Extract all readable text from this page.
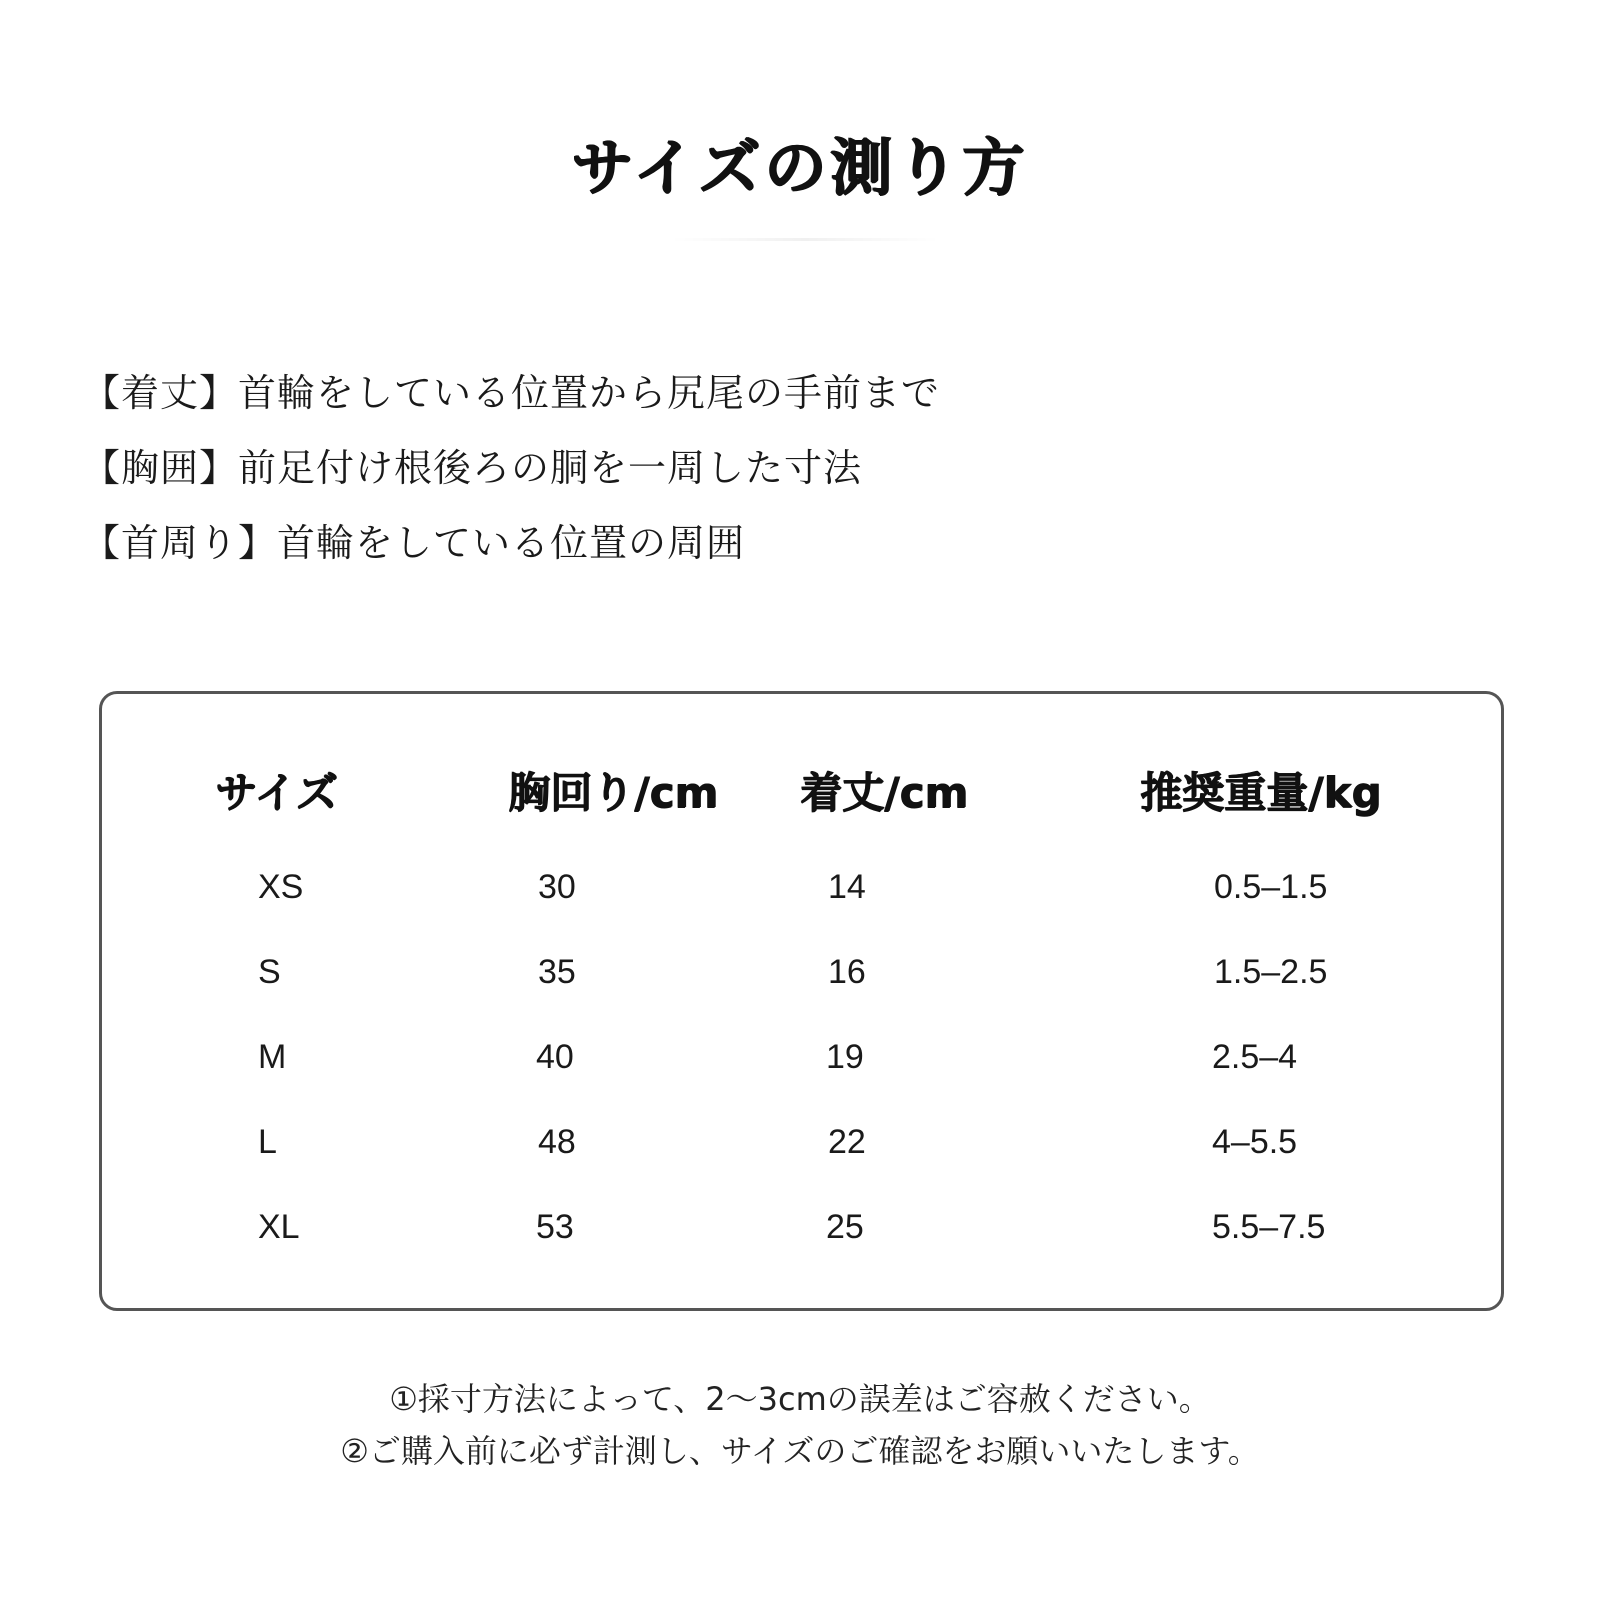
サイズの測り方
【着丈】首輪をしている位置から尻尾の手前まで
【胸囲】前足付け根後ろの胴を一周した寸法
【首周り】首輪をしている位置の周囲
サイズ	胸回り/cm 着丈/cm	推奨重量/kg
XS	30	14	0.5–1.5
S	35	16	1.5–2.5
M	40	19	2.5–4
L	48	22	4–5.5
XL	53	25	5.5–7.5
①採寸方法によって、2～3cmの誤差はご容赦ください。
②ご購入前に必ず計測し、サイズのご確認をお願いいたします。
